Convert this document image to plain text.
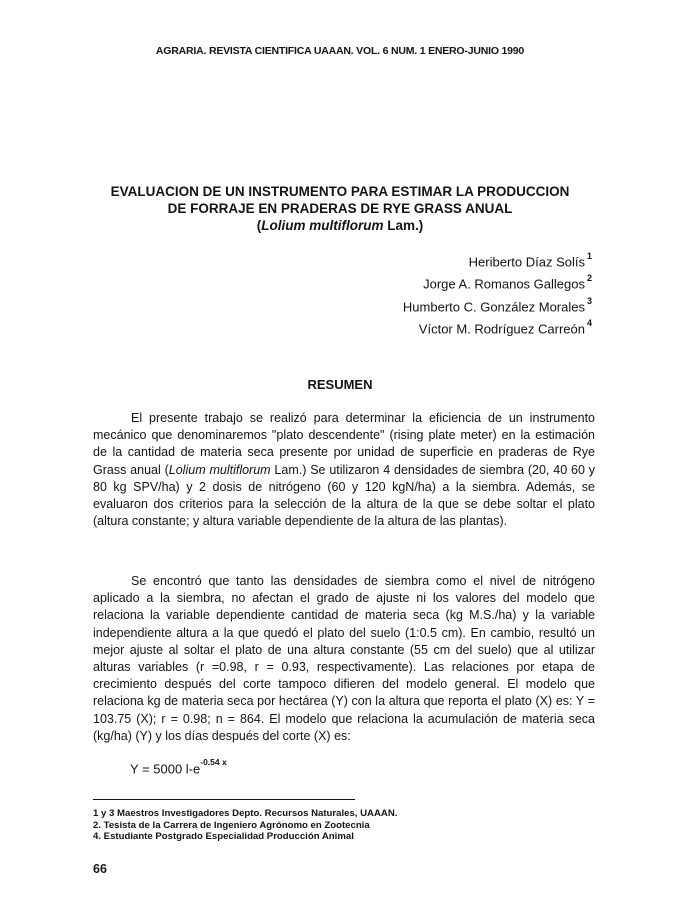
AGRARIA. REVISTA CIENTIFICA UAAAN. VOL. 6 NUM. 1 ENERO-JUNIO 1990
EVALUACION DE UN INSTRUMENTO PARA ESTIMAR LA PRODUCCION
DE FORRAJE EN PRADERAS DE RYE GRASS ANUAL
(Lolium multiflorum Lam.)
Heriberto Díaz Solís $^1$
Jorge A. Romanos Gallegos $^2$
Humberto C. González Morales $^3$
Víctor M. Rodríguez Carreón $^4$
RESUMEN

El presente trabajo se realizó para determinar la eficiencia de un instrumento mecánico que denominaremos "plato descendente" (rising plate meter) en la estimación de la cantidad de materia seca presente por unidad de superficie en praderas de Rye Grass anual (Lolium multiflorum Lam.) Se utilizaron 4 densidades de siembra (20, 40 60 y 80 kg SPV/ha) y 2 dosis de nitrógeno (60 y 120 kgN/ha) a la siembra. Además, se evaluaron dos criterios para la selección de la altura de la que se debe soltar el plato (altura constante; y altura variable dependiente de la altura de las plantas).

Se encontró que tanto las densidades de siembra como el nivel de nitrógeno aplicado a la siembra, no afectan el grado de ajuste ni los valores del modelo que relaciona la variable dependiente cantidad de materia seca (kg M.S./ha) y la variable independiente altura a la que quedó el plato del suelo (1:0.5 cm). En cambio, resultó un mejor ajuste al soltar el plato de una altura constante (55 cm del suelo) que al utilizar alturas variables (r =0.98, r = 0.93, respectivamente). Las relaciones por etapa de crecimiento después del corte tampoco difieren del modelo general. El modelo que relaciona kg de materia seca por hectárea (Y) con la altura que reporta el plato (X) es: Y = 103.75 (X); r = 0.98; n = 864. El modelo que relaciona la acumulación de materia seca (kg/ha) (Y) y los días después del corte (X) es:

Y = 5000 $l-e^{-0.54 x}$
1 y 3 Maestros Investigadores Depto. Recursos Naturales, UAAAN.
2. Tesista de la Carrera de Ingeniero Agrónomo en Zootecnia
4. Estudiante Postgrado Especialidad Producción Animal
66
